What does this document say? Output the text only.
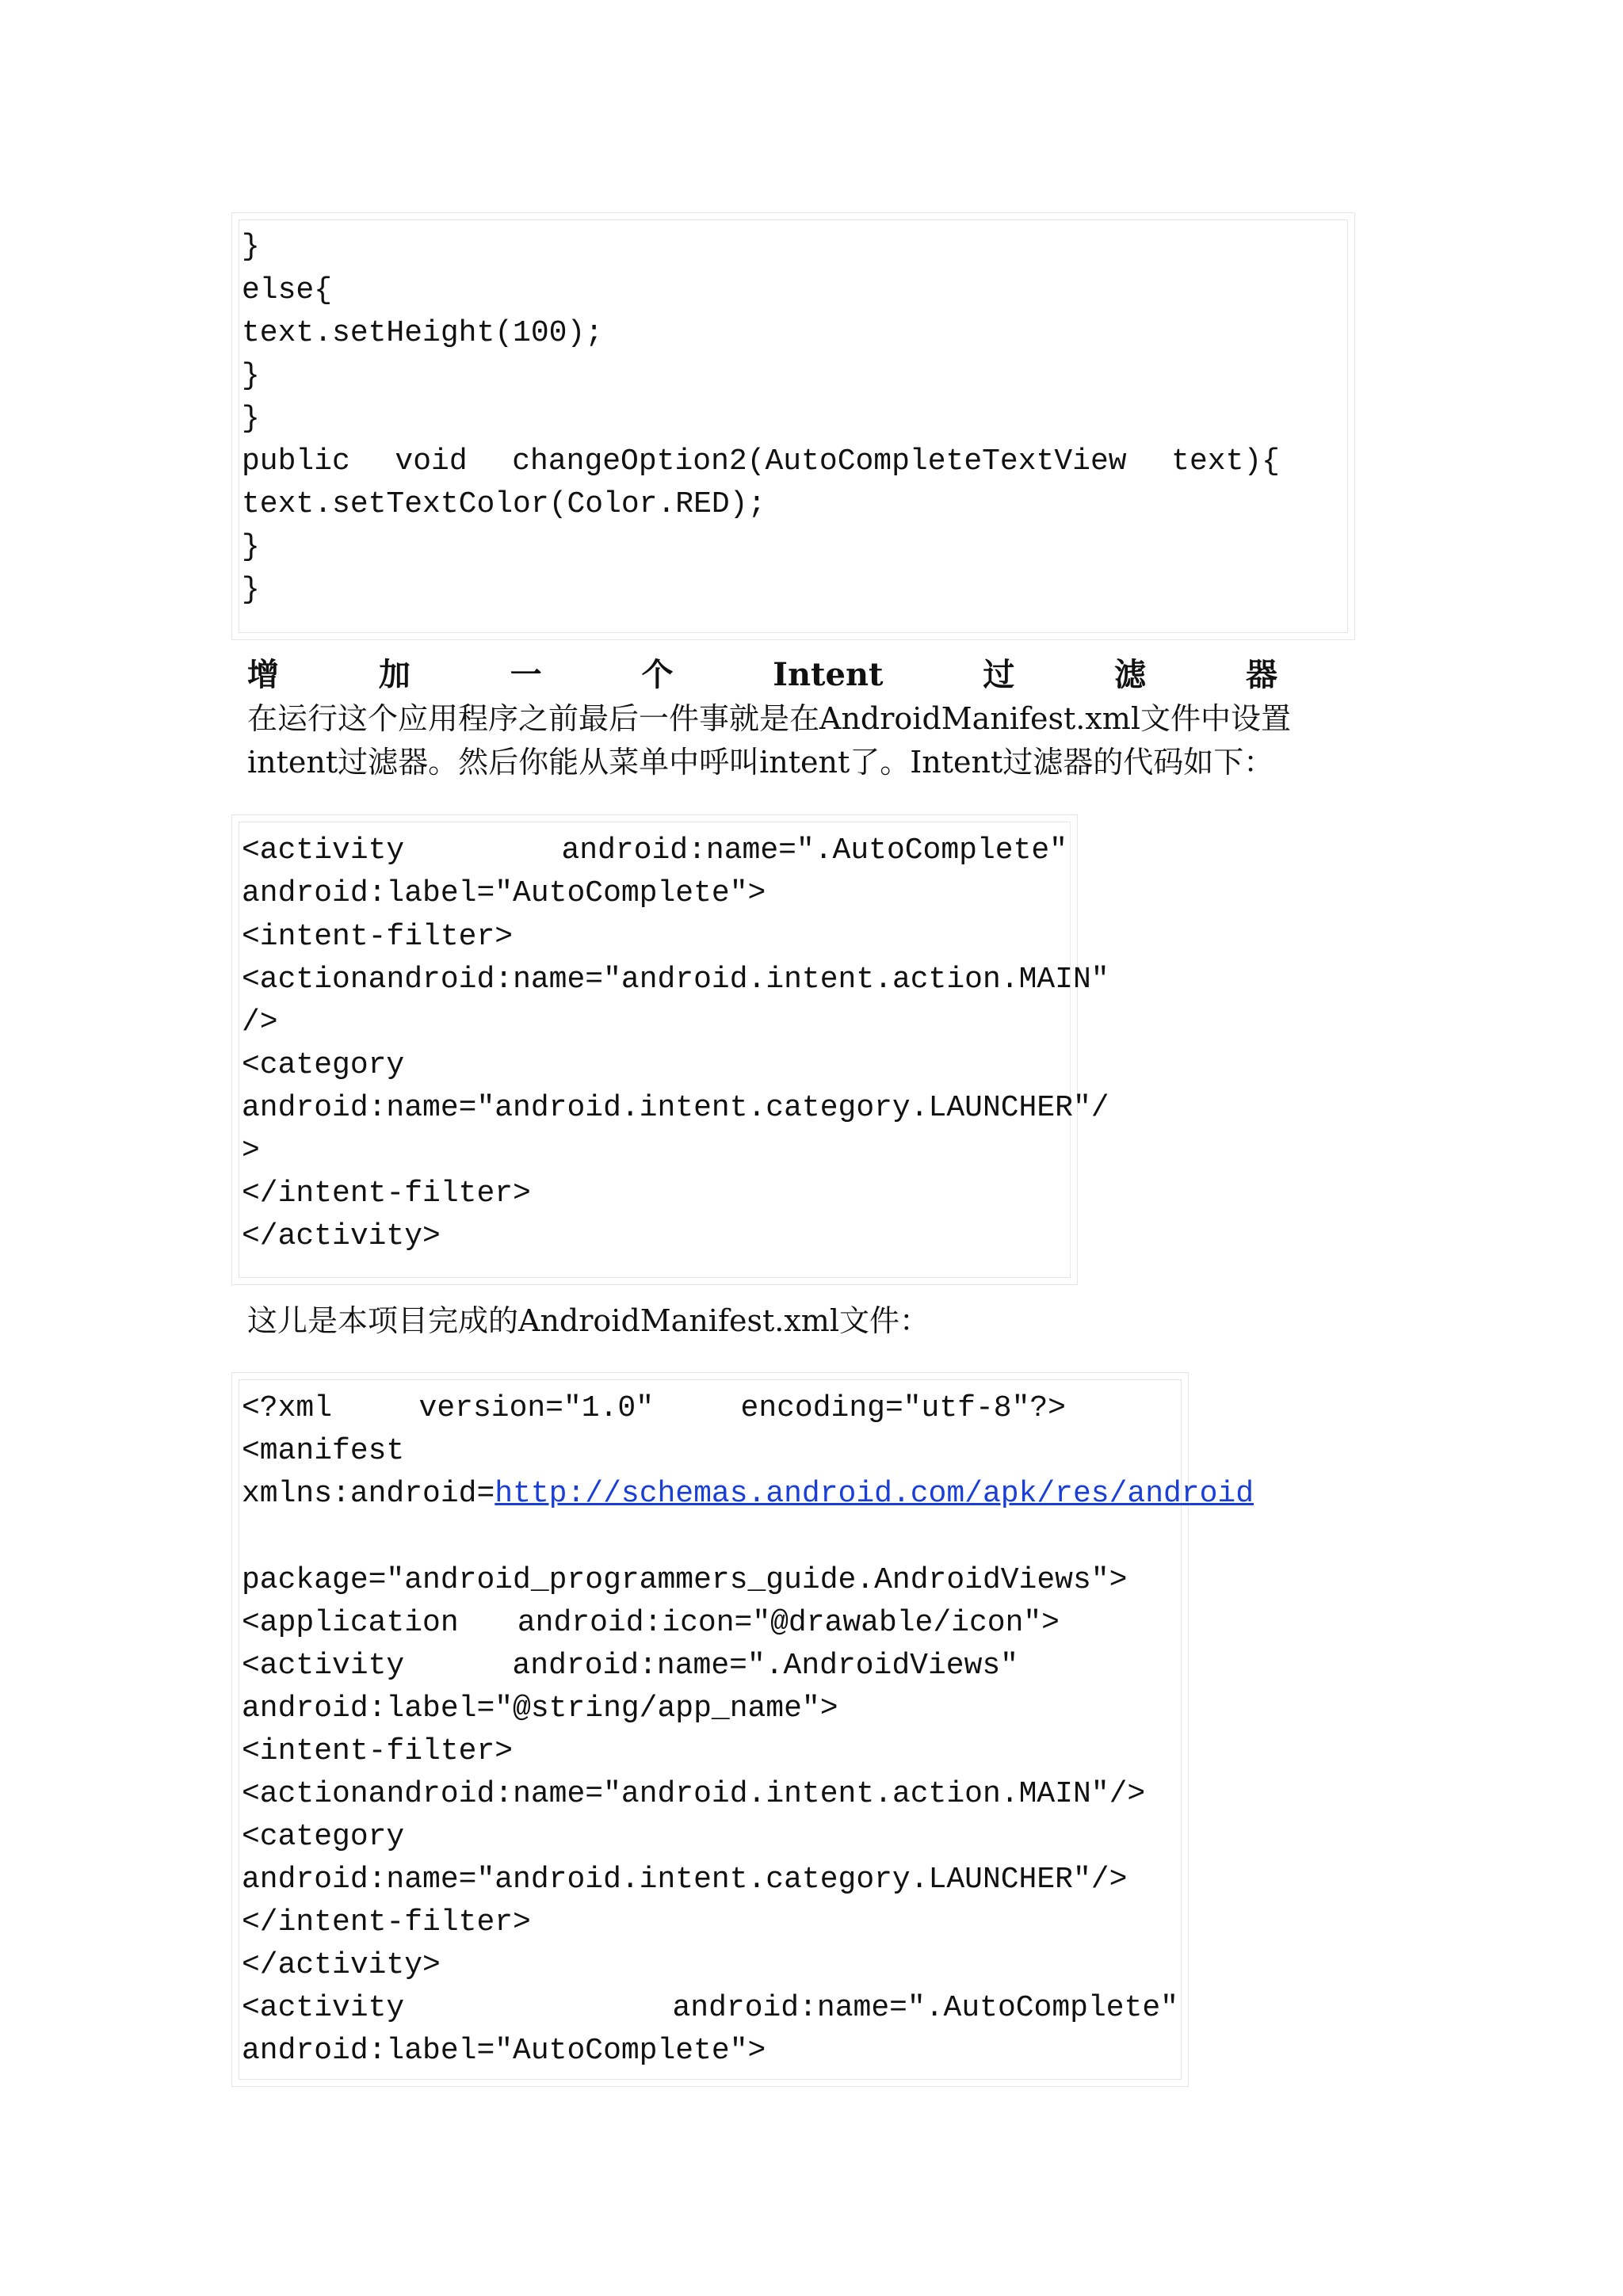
}

else{

text.setHeight(100);

}

}

public void changeOption2(AutoCompleteTextView text){

text.setTextColor(Color.RED);

}

}

增	加	一	个	Intent	过	滤	器

在运行这个应用程序之前最后一件事就是在AndroidManifest.xml文件中设置

intent过滤器。然后你能从菜单中呼叫intent了。Intent过滤器的代码如下：

<activity	android:name=".AutoComplete"

android:label="AutoComplete">

<intent-filter>

<action android:name="android.intent.action.MAIN"

/>

<category

android:name="android.intent.category.LAUNCHER" /

>

</intent-filter>

</activity>

这儿是本项目完成的AndroidManifest.xml文件：

<?xml	version="1.0"	encoding="utf-8"?>

<manifest

xmlns:android=http://schemas.android.com/apk/res/android

package="android_programmers_guide.AndroidViews">

<application android:icon="@drawable/icon">
<activity	android:name=".AndroidViews"

android:label="@string/app_name">

<intent-filter>

<action android:name="android.intent.action.MAIN" />

<category

android:name="android.intent.category.LAUNCHER" />

</intent-filter>

</activity>

<activity	android:name=".AutoComplete"

android:label="AutoComplete">
